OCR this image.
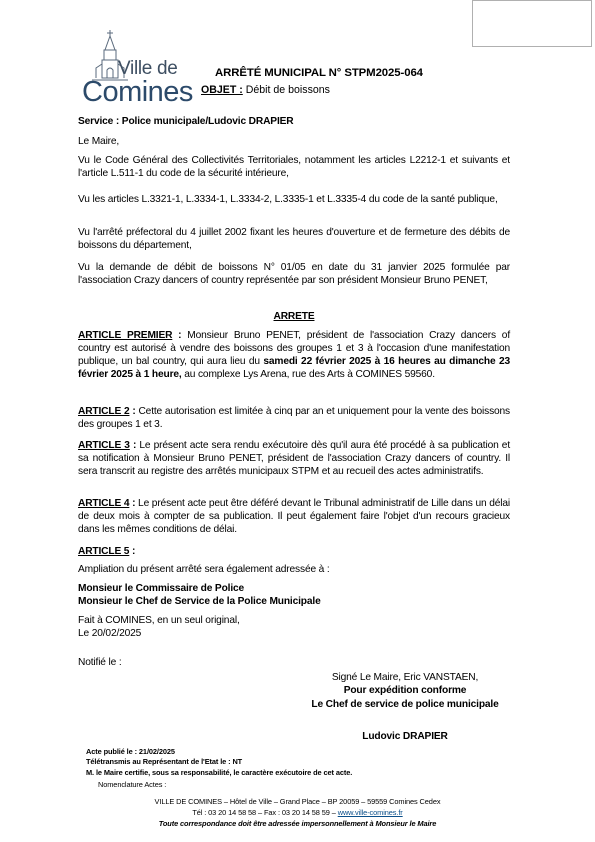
Ville de
Comines
ARRÊTÉ MUNICIPAL N° STPM2025-064
OBJET : Débit de boissons
Service : Police municipale/Ludovic DRAPIER
Le Maire,
Vu le Code Général des Collectivités Territoriales, notamment les articles L2212-1 et suivants et l'article L.511-1 du code de la sécurité intérieure,
Vu les articles L.3321-1, L.3334-1, L.3334-2, L.3335-1 et L.3335-4 du code de la santé publique,
Vu l'arrêté préfectoral du 4 juillet 2002 fixant les heures d'ouverture et de fermeture des débits de boissons du département,
Vu la demande de débit de boissons N° 01/05 en date du 31 janvier 2025 formulée par l'association Crazy dancers of country représentée par son président Monsieur Bruno PENET,
ARRETE
ARTICLE PREMIER : Monsieur Bruno PENET, président de l'association Crazy dancers of country est autorisé à vendre des boissons des groupes 1 et 3 à l'occasion d'une manifestation publique, un bal country, qui aura lieu du samedi 22 février 2025 à 16 heures au dimanche 23 février 2025 à 1 heure, au complexe Lys Arena, rue des Arts à COMINES 59560.
ARTICLE 2 : Cette autorisation est limitée à cinq par an et uniquement pour la vente des boissons des groupes 1 et 3.
ARTICLE 3 : Le présent acte sera rendu exécutoire dès qu'il aura été procédé à sa publication et sa notification à Monsieur Bruno PENET, président de l'association Crazy dancers of country. Il sera transcrit au registre des arrêtés municipaux STPM et au recueil des actes administratifs.
ARTICLE 4 : Le présent acte peut être déféré devant le Tribunal administratif de Lille dans un délai de deux mois à compter de sa publication. Il peut également faire l'objet d'un recours gracieux dans les mêmes conditions de délai.
ARTICLE 5 :
Ampliation du présent arrêté sera également adressée à :
Monsieur le Commissaire de Police
Monsieur le Chef de Service de la Police Municipale
Fait à COMINES, en un seul original,
Le 20/02/2025
Notifié le :
Signé Le Maire, Eric VANSTAEN,
Pour expédition conforme
Le Chef de service de police municipale
Ludovic DRAPIER
Acte publié le : 21/02/2025
Télétransmis au Représentant de l'Etat le : NT
M. le Maire certifie, sous sa responsabilité, le caractère exécutoire de cet acte.
Nomenclature Actes :
VILLE DE COMINES – Hôtel de Ville – Grand Place – BP 20059 – 59559 Comines Cedex
Tél : 03 20 14 58 58 – Fax : 03 20 14 58 59 – www.ville-comines.fr
Toute correspondance doit être adressée impersonnellement à Monsieur le Maire
